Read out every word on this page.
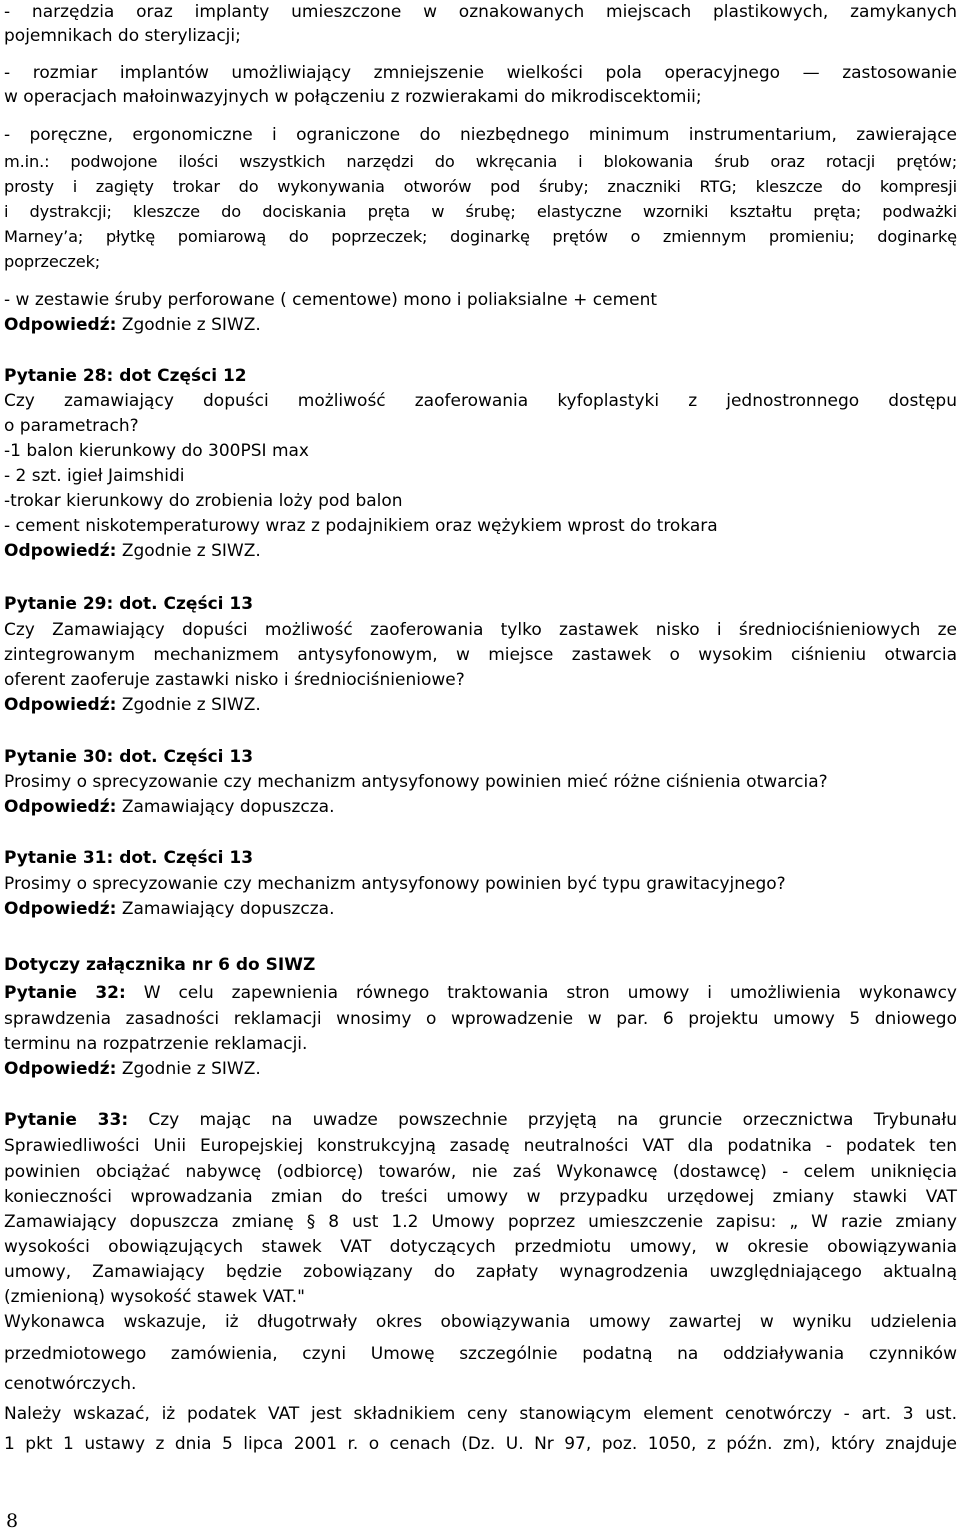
- narzędzia oraz implanty umieszczone w oznakowanych miejscach plastikowych, zamykanych
pojemnikach do sterylizacji;
- rozmiar implantów umożliwiający zmniejszenie wielkości pola operacyjnego — zastosowanie
w operacjach małoinwazyjnych w połączeniu z rozwierakami do mikrodiscektomii;
- poręczne, ergonomiczne i ograniczone do niezbędnego minimum instrumentarium, zawierające
m.in.: podwojone ilości wszystkich narzędzi do wkręcania i blokowania śrub oraz rotacji prętów;
prosty i zagięty trokar do wykonywania otworów pod śruby; znaczniki RTG; kleszcze do kompresji
i dystrakcji; kleszcze do dociskania pręta w śrubę; elastyczne wzorniki kształtu pręta; podważki
Marney’a; płytkę pomiarową do poprzeczek; doginarkę prętów o zmiennym promieniu; doginarkę
poprzeczek;
- w zestawie śruby perforowane ( cementowe) mono i poliaksialne + cement
Odpowiedź: Zgodnie z SIWZ.
Pytanie 28: dot Części 12
Czy zamawiający dopuści możliwość zaoferowania kyfoplastyki z jednostronnego dostępu
o parametrach?
-1 balon kierunkowy do 300PSI max
- 2 szt. igieł Jaimshidi
-trokar kierunkowy do zrobienia loży pod balon
- cement niskotemperaturowy wraz z podajnikiem oraz wężykiem wprost do trokara
Odpowiedź: Zgodnie z SIWZ.
Pytanie 29: dot. Części 13
Czy Zamawiający dopuści możliwość zaoferowania tylko zastawek nisko i średniociśnieniowych ze
zintegrowanym mechanizmem antysyfonowym, w miejsce zastawek o wysokim ciśnieniu otwarcia
oferent zaoferuje zastawki nisko i średniociśnieniowe?
Odpowiedź: Zgodnie z SIWZ.
Pytanie 30: dot. Części 13
Prosimy o sprecyzowanie czy mechanizm antysyfonowy powinien mieć różne ciśnienia otwarcia?
Odpowiedź: Zamawiający dopuszcza.
Pytanie 31: dot. Części 13
Prosimy o sprecyzowanie czy mechanizm antysyfonowy powinien być typu grawitacyjnego?
Odpowiedź: Zamawiający dopuszcza.
Dotyczy załącznika nr 6 do SIWZ
Pytanie 32: W celu zapewnienia równego traktowania stron umowy i umożliwienia wykonawcy
sprawdzenia zasadności reklamacji wnosimy o wprowadzenie w par. 6 projektu umowy 5 dniowego
terminu na rozpatrzenie reklamacji.
Odpowiedź: Zgodnie z SIWZ.
Pytanie 33: Czy mając na uwadze powszechnie przyjętą na gruncie orzecznictwa Trybunału
Sprawiedliwości Unii Europejskiej konstrukcyjną zasadę neutralności VAT dla podatnika - podatek ten
powinien obciążać nabywcę (odbiorcę) towarów, nie zaś Wykonawcę (dostawcę) - celem uniknięcia
konieczności wprowadzania zmian do treści umowy w przypadku urzędowej zmiany stawki VAT
Zamawiający dopuszcza zmianę § 8 ust 1.2 Umowy poprzez umieszczenie zapisu: „ W razie zmiany
wysokości obowiązujących stawek VAT dotyczących przedmiotu umowy, w okresie obowiązywania
umowy, Zamawiający będzie zobowiązany do zapłaty wynagrodzenia uwzględniającego aktualną
(zmienioną) wysokość stawek VAT."
Wykonawca wskazuje, iż długotrwały okres obowiązywania umowy zawartej w wyniku udzielenia
przedmiotowego zamówienia, czyni Umowę szczególnie podatną na oddziaływania czynników
cenotwórczych.
Należy wskazać, iż podatek VAT jest składnikiem ceny stanowiącym element cenotwórczy - art. 3 ust.
1 pkt 1 ustawy z dnia 5 lipca 2001 r. o cenach (Dz. U. Nr 97, poz. 1050, z późn. zm), który znajduje
8
